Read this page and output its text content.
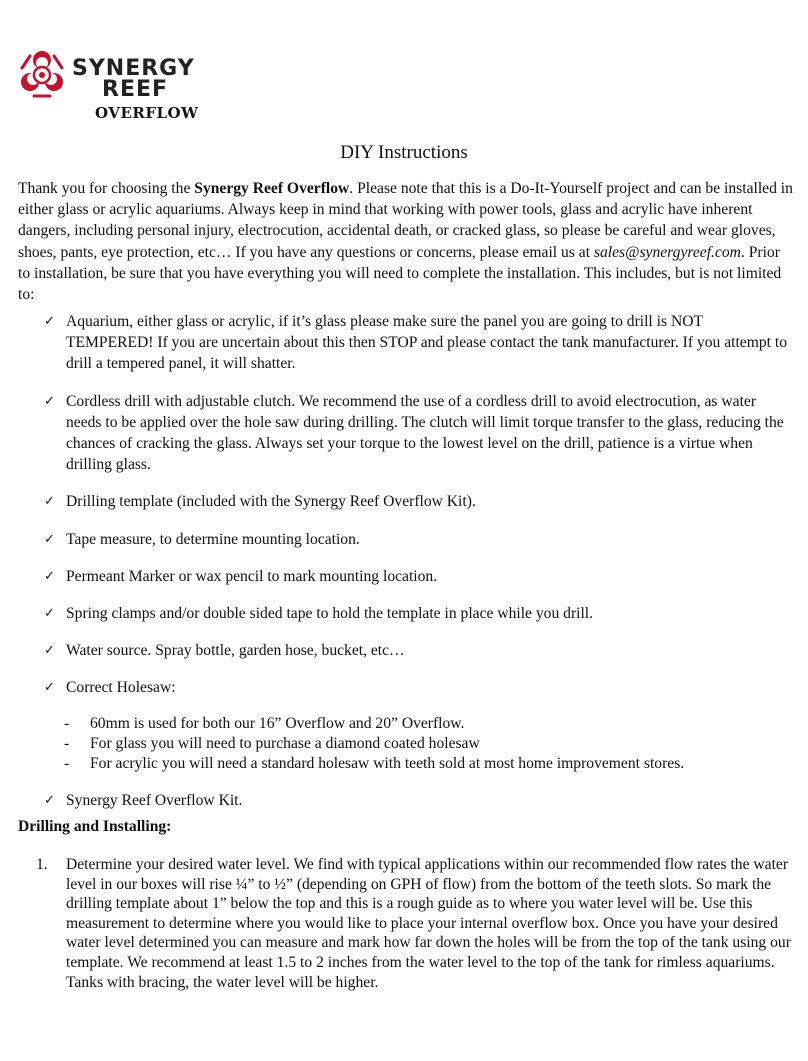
SYNERGY
REEF
OVERFLOW
DIY Instructions

Thank you for choosing the Synergy Reef Overflow. Please note that this is a Do-It-Yourself project and can be installed in either glass or acrylic aquariums. Always keep in mind that working with power tools, glass and acrylic have inherent dangers, including personal injury, electrocution, accidental death, or cracked glass, so please be careful and wear gloves, shoes, pants, eye protection, etc… If you have any questions or concerns, please email us at sales@synergyreef.com. Prior to installation, be sure that you have everything you will need to complete the installation. This includes, but is not limited to:

✓ Aquarium, either glass or acrylic, if it’s glass please make sure the panel you are going to drill is NOT TEMPERED! If you are uncertain about this then STOP and please contact the tank manufacturer. If you attempt to drill a tempered panel, it will shatter.
✓ Cordless drill with adjustable clutch. We recommend the use of a cordless drill to avoid electrocution, as water needs to be applied over the hole saw during drilling. The clutch will limit torque transfer to the glass, reducing the chances of cracking the glass. Always set your torque to the lowest level on the drill, patience is a virtue when drilling glass.
✓ Drilling template (included with the Synergy Reef Overflow Kit).
✓ Tape measure, to determine mounting location.
✓ Permeant Marker or wax pencil to mark mounting location.
✓ Spring clamps and/or double sided tape to hold the template in place while you drill.
✓ Water source. Spray bottle, garden hose, bucket, etc…
✓ Correct Holesaw:
- 60mm is used for both our 16” Overflow and 20” Overflow.
- For glass you will need to purchase a diamond coated holesaw
- For acrylic you will need a standard holesaw with teeth sold at most home improvement stores.
✓ Synergy Reef Overflow Kit.
Drilling and Installing:
1. Determine your desired water level. We find with typical applications within our recommended flow rates the water level in our boxes will rise ¼” to ½” (depending on GPH of flow) from the bottom of the teeth slots. So mark the drilling template about 1” below the top and this is a rough guide as to where you water level will be. Use this measurement to determine where you would like to place your internal overflow box. Once you have your desired water level determined you can measure and mark how far down the holes will be from the top of the tank using our template. We recommend at least 1.5 to 2 inches from the water level to the top of the tank for rimless aquariums. Tanks with bracing, the water level will be higher.
